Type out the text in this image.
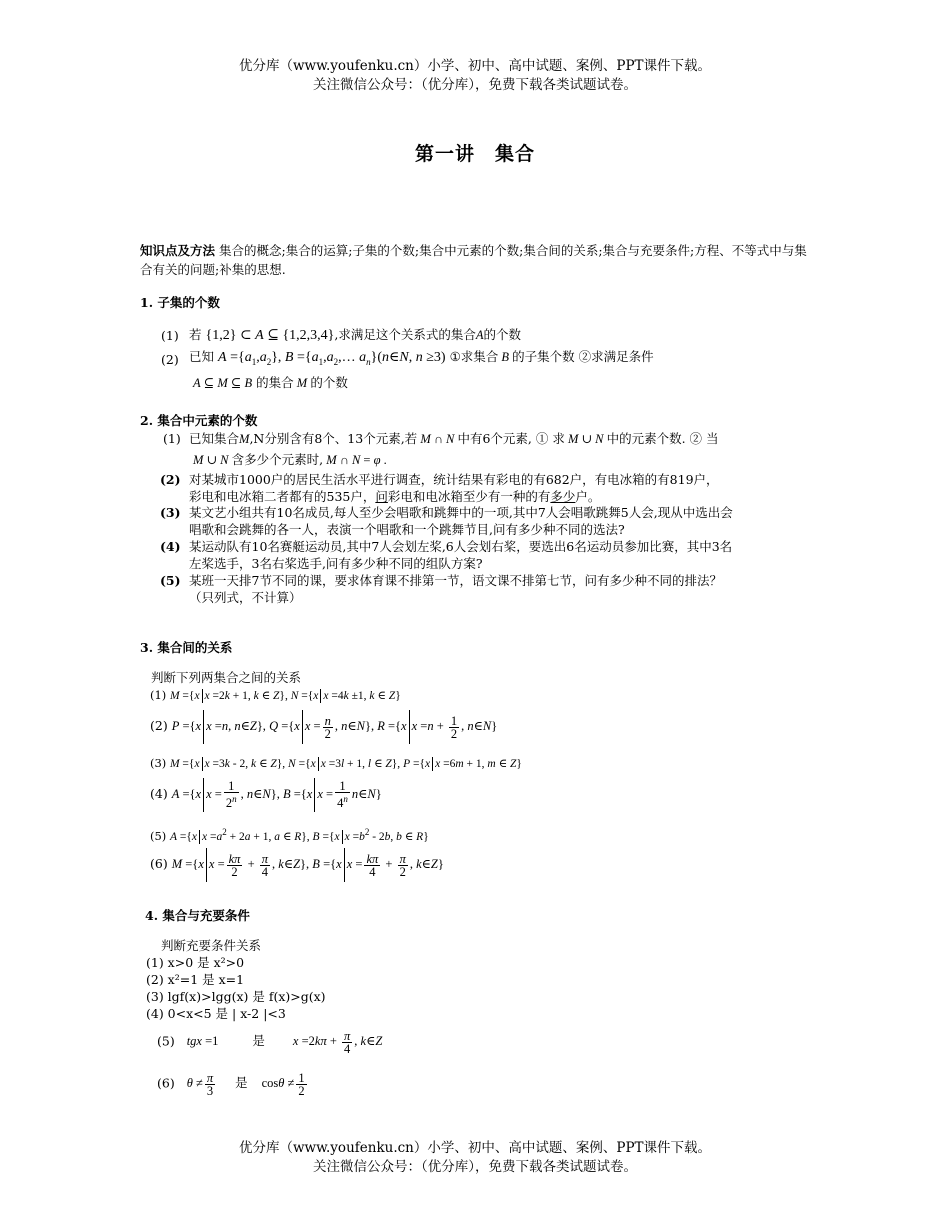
优分库（www.youfenku.cn）小学、初中、高中试题、案例、PPT课件下载。
关注微信公众号：（优分库），免费下载各类试题试卷。
第一讲　集合
知识点及方法 集合的概念;集合的运算;子集的个数;集合中元素的个数;集合间的关系;集合与充要条件;方程、不等式中与集合有关的问题;补集的思想.
1. 子集的个数
(1) 若 {1,2} ⊂ A ⊆ {1,2,3,4},求满足这个关系式的集合A的个数
(2) 已知 $A =\{a_1,a_2\}$, $B =\{a_1,a_2,\dots$ $a_n\}(n\in N$, n ≥3) ①求集合 B 的子集个数 ②求满足条件
A ⊆ M ⊆ B 的集合 M 的个数
2. 集合中元素的个数
(1) 已知集合M,N分别含有8个、13个元素,若 M ∩ N 中有6个元素, ① 求 M ∪ N 中的元素个数. ② 当
M ∪ N 含多少个元素时, M ∩ N = φ .
(2) 对某城市1000户的居民生活水平进行调查，统计结果有彩电的有682户，有电冰箱的有819户，
彩电和电冰箱二者都有的535户，问彩电和电冰箱至少有一种的有多少户。
(3) 某文艺小组共有10名成员,每人至少会唱歌和跳舞中的一项,其中7人会唱歌跳舞5人会,现从中选出会
唱歌和会跳舞的各一人，表演一个唱歌和一个跳舞节目,问有多少种不同的选法?
(4) 某运动队有10名赛艇运动员,其中7人会划左桨,6人会划右桨，要选出6名运动员参加比赛，其中3名
左桨选手，3名右桨选手,问有多少种不同的组队方案?
(5) 某班一天排7节不同的课，要求体育课不排第一节，语文课不排第七节，问有多少种不同的排法？
（只列式，不计算）
3. 集合间的关系
判断下列两集合之间的关系
(1) M ={x x =2k + 1, k ∈ Z}, N ={x x =4k ±1, k ∈ Z}
(2) P ={x x =n, n∈Z}, Q ={x $x = \frac{n}{2}$ , n∈N}, R ={x $x =n + \frac{1}{2}$ , n∈N}
(3) M ={x x =3k - 2, k ∈ Z}, N ={x x =3l + 1, l ∈ Z}, P ={x x =6m + 1, m ∈ Z}
(4) A ={x $x = \frac{1}{2^n}$ , n∈N}, B ={x $x = \frac{1}{4^n}$ n∈N}
(5) A ={x $x =a^2 + 2a + 1$, a ∈ R}, B ={x $x =b^2 - 2b$, b ∈ R}
(6) M ={x $x = \frac{k\pi}{2} + \frac{\pi}{4}$ , k∈Z}, B ={x $x = \frac{k\pi}{4} + \frac{\pi}{2}$ , k∈Z}
4. 集合与充要条件
判断充要条件关系
(1) x>0 是 x²>0
(2) x²=1 是 x=1
(3) lgf(x)>lgg(x) 是 f(x)>g(x)
(4) 0<x<5 是 | x-2 |<3
(5) tgx =1	是 $x =2k\pi + \frac{\pi}{4}$ , k∈Z
(6) $\theta \ne \frac{\pi}{3}$ 是 $\cos\theta \ne \frac{1}{2}$
优分库（www.youfenku.cn）小学、初中、高中试题、案例、PPT课件下载。
关注微信公众号：（优分库），免费下载各类试题试卷。
